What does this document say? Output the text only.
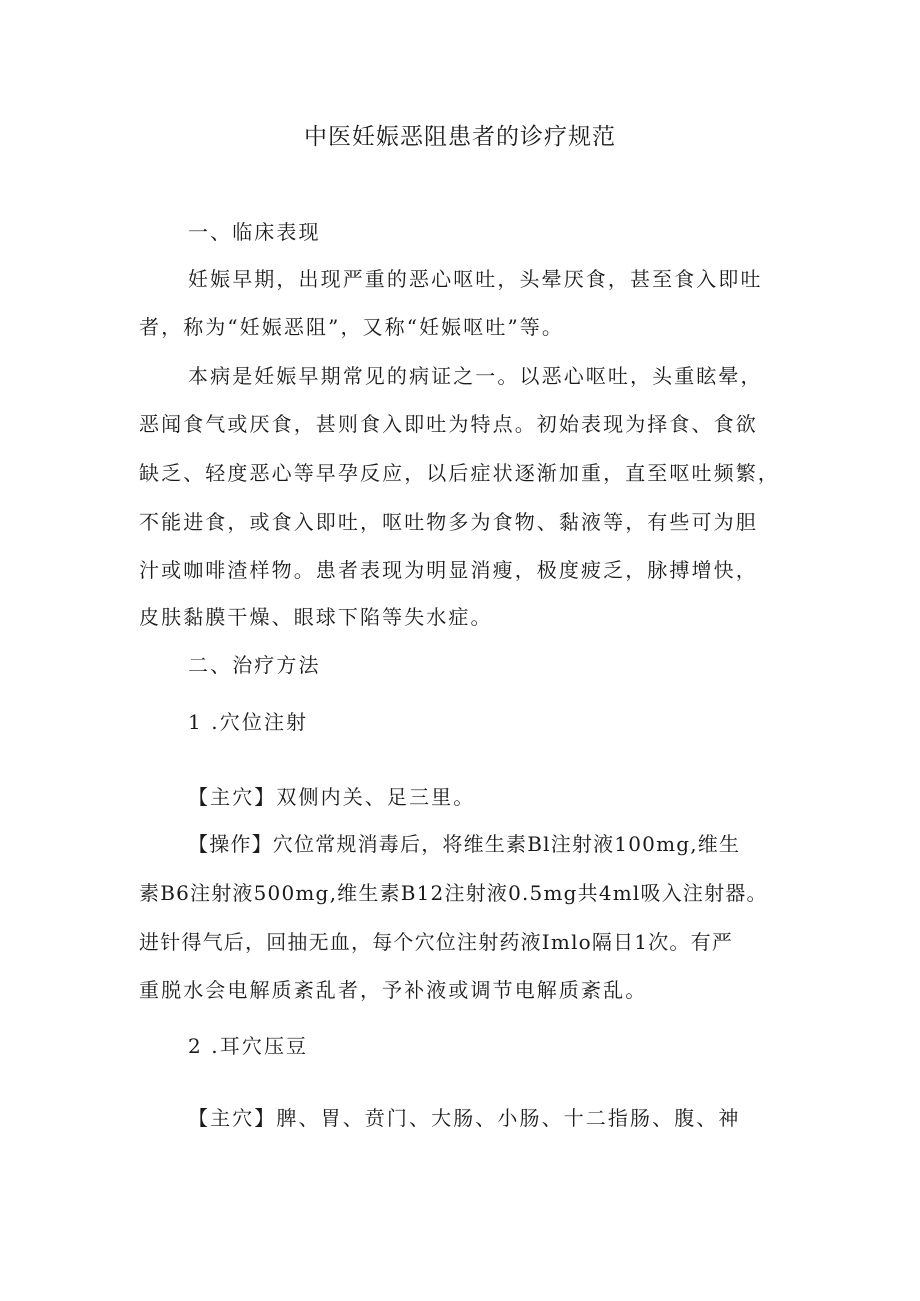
中医妊娠恶阻患者的诊疗规范
一、临床表现
妊娠早期，出现严重的恶心呕吐，头晕厌食，甚至食入即吐
者，称为“妊娠恶阻”，又称“妊娠呕吐”等。
本病是妊娠早期常见的病证之一。以恶心呕吐，头重眩晕，
恶闻食气或厌食，甚则食入即吐为特点。初始表现为择食、食欲
缺乏、轻度恶心等早孕反应，以后症状逐渐加重，直至呕吐频繁，
不能进食，或食入即吐，呕吐物多为食物、黏液等，有些可为胆
汁或咖啡渣样物。患者表现为明显消瘦，极度疲乏，脉搏增快，
皮肤黏膜干燥、眼球下陷等失水症。
二、治疗方法
1 .穴位注射
【主穴】双侧内关、足三里。
【操作】穴位常规消毒后，将维生素Bl注射液100mg,维生
素B6注射液500mg,维生素B12注射液0.5mg共4ml吸入注射器。
进针得气后，回抽无血，每个穴位注射药液Imlo隔日1次。有严
重脱水会电解质紊乱者，予补液或调节电解质紊乱。
2 .耳穴压豆
【主穴】脾、胃、贲门、大肠、小肠、十二指肠、腹、神
